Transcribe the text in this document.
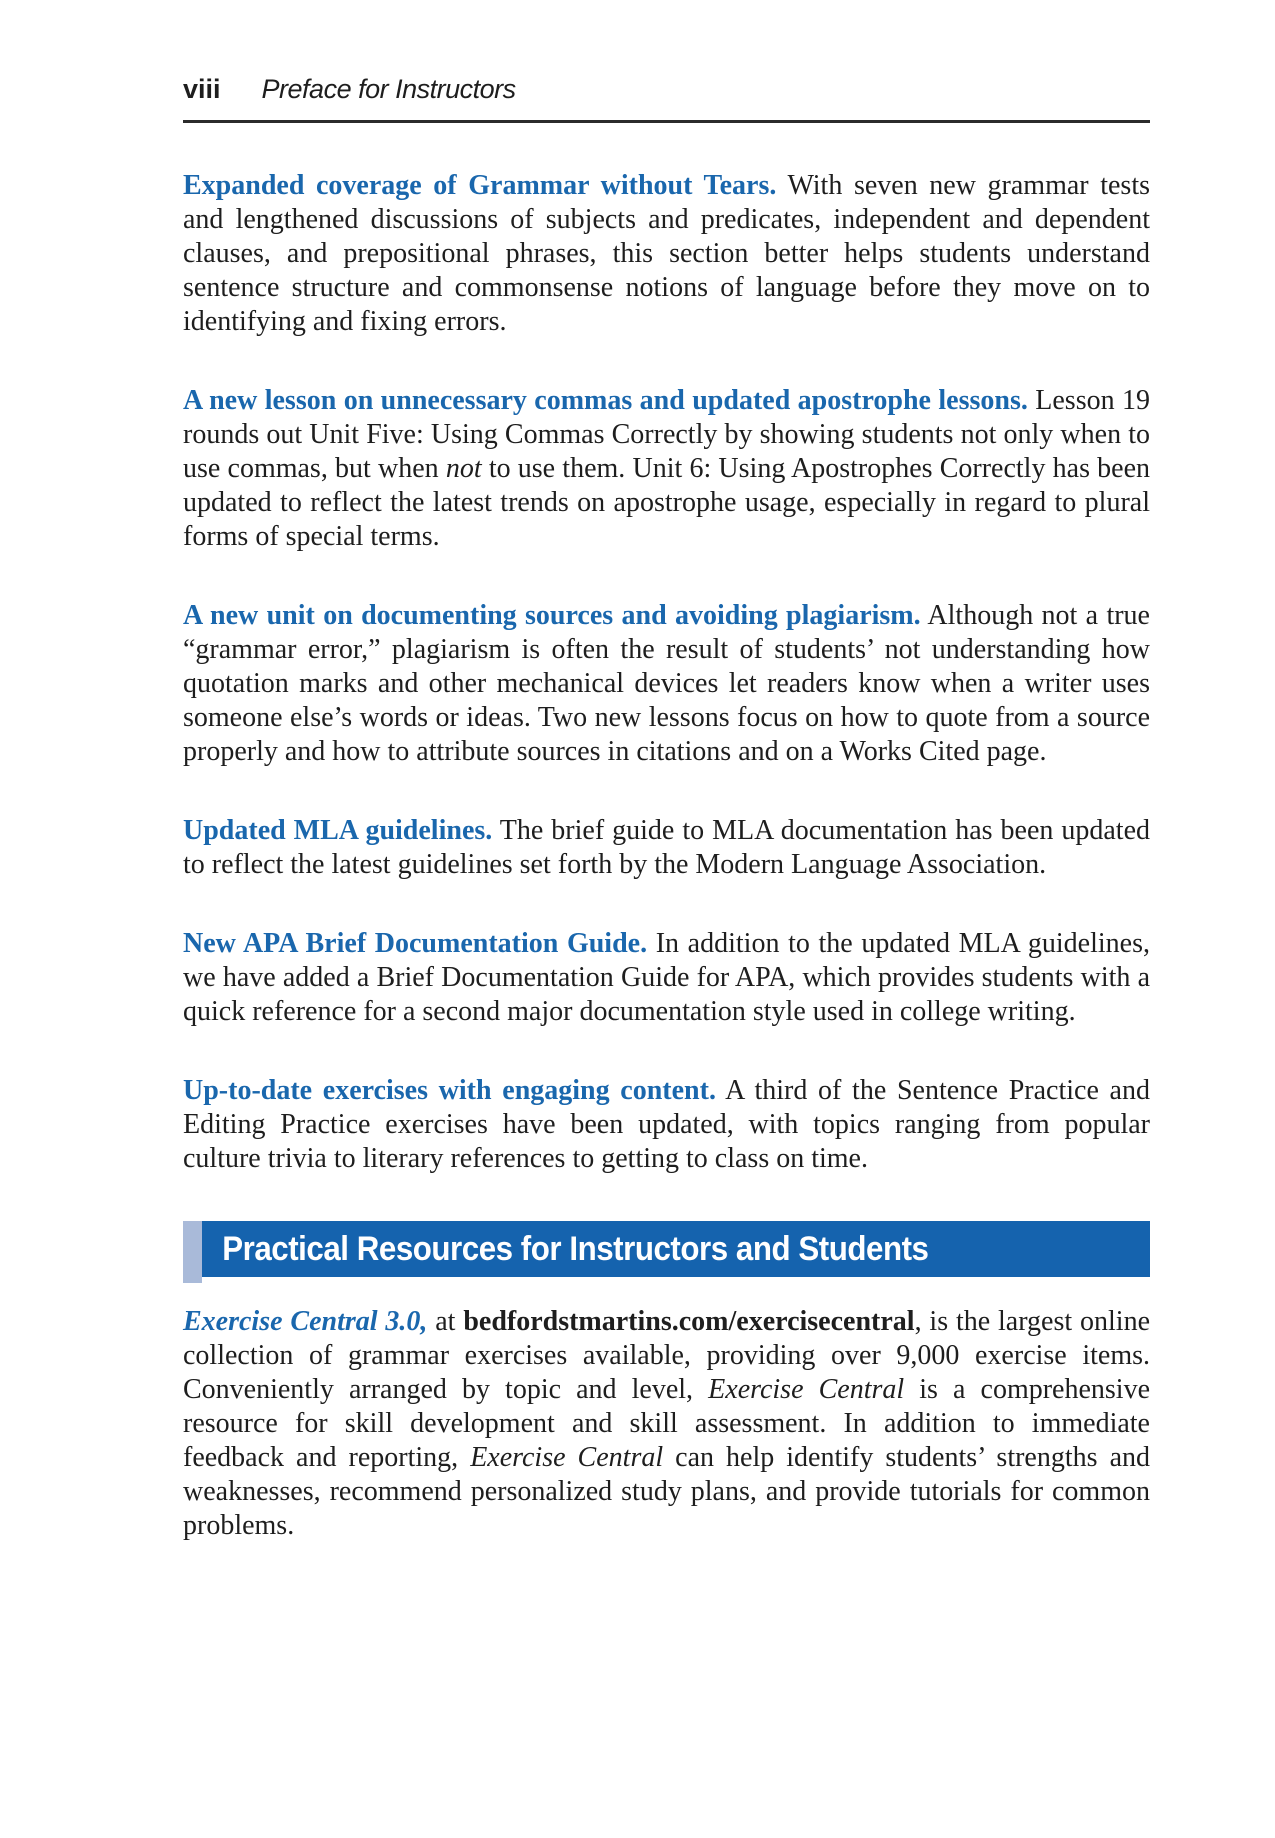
viii Preface for Instructors

Expanded coverage of Grammar without Tears. With seven new grammar tests and lengthened discussions of subjects and predicates, independent and dependent clauses, and prepositional phrases, this section better helps students understand sentence structure and commonsense notions of language before they move on to identifying and fixing errors.

A new lesson on unnecessary commas and updated apostrophe lessons. Lesson 19 rounds out Unit Five: Using Commas Correctly by showing students not only when to use commas, but when not to use them. Unit 6: Using Apostrophes Correctly has been updated to reflect the latest trends on apostrophe usage, especially in regard to plural forms of special terms.

A new unit on documenting sources and avoiding plagiarism. Although not a true “grammar error,” plagiarism is often the result of students’ not understanding how quotation marks and other mechanical devices let readers know when a writer uses someone else’s words or ideas. Two new lessons focus on how to quote from a source properly and how to attribute sources in citations and on a Works Cited page.

Updated MLA guidelines. The brief guide to MLA documentation has been updated to reflect the latest guidelines set forth by the Modern Language Association.

New APA Brief Documentation Guide. In addition to the updated MLA guidelines, we have added a Brief Documentation Guide for APA, which provides students with a quick reference for a second major documentation style used in college writing.

Up-to-date exercises with engaging content. A third of the Sentence Practice and Editing Practice exercises have been updated, with topics ranging from popular culture trivia to literary references to getting to class on time.

Practical Resources for Instructors and Students

Exercise Central 3.0, at bedfordstmartins.com/exercisecentral, is the largest online collection of grammar exercises available, providing over 9,000 exercise items. Conveniently arranged by topic and level, Exercise Central is a comprehensive resource for skill development and skill assessment. In addition to immediate feedback and reporting, Exercise Central can help identify students’ strengths and weaknesses, recommend personalized study plans, and provide tutorials for common problems.
